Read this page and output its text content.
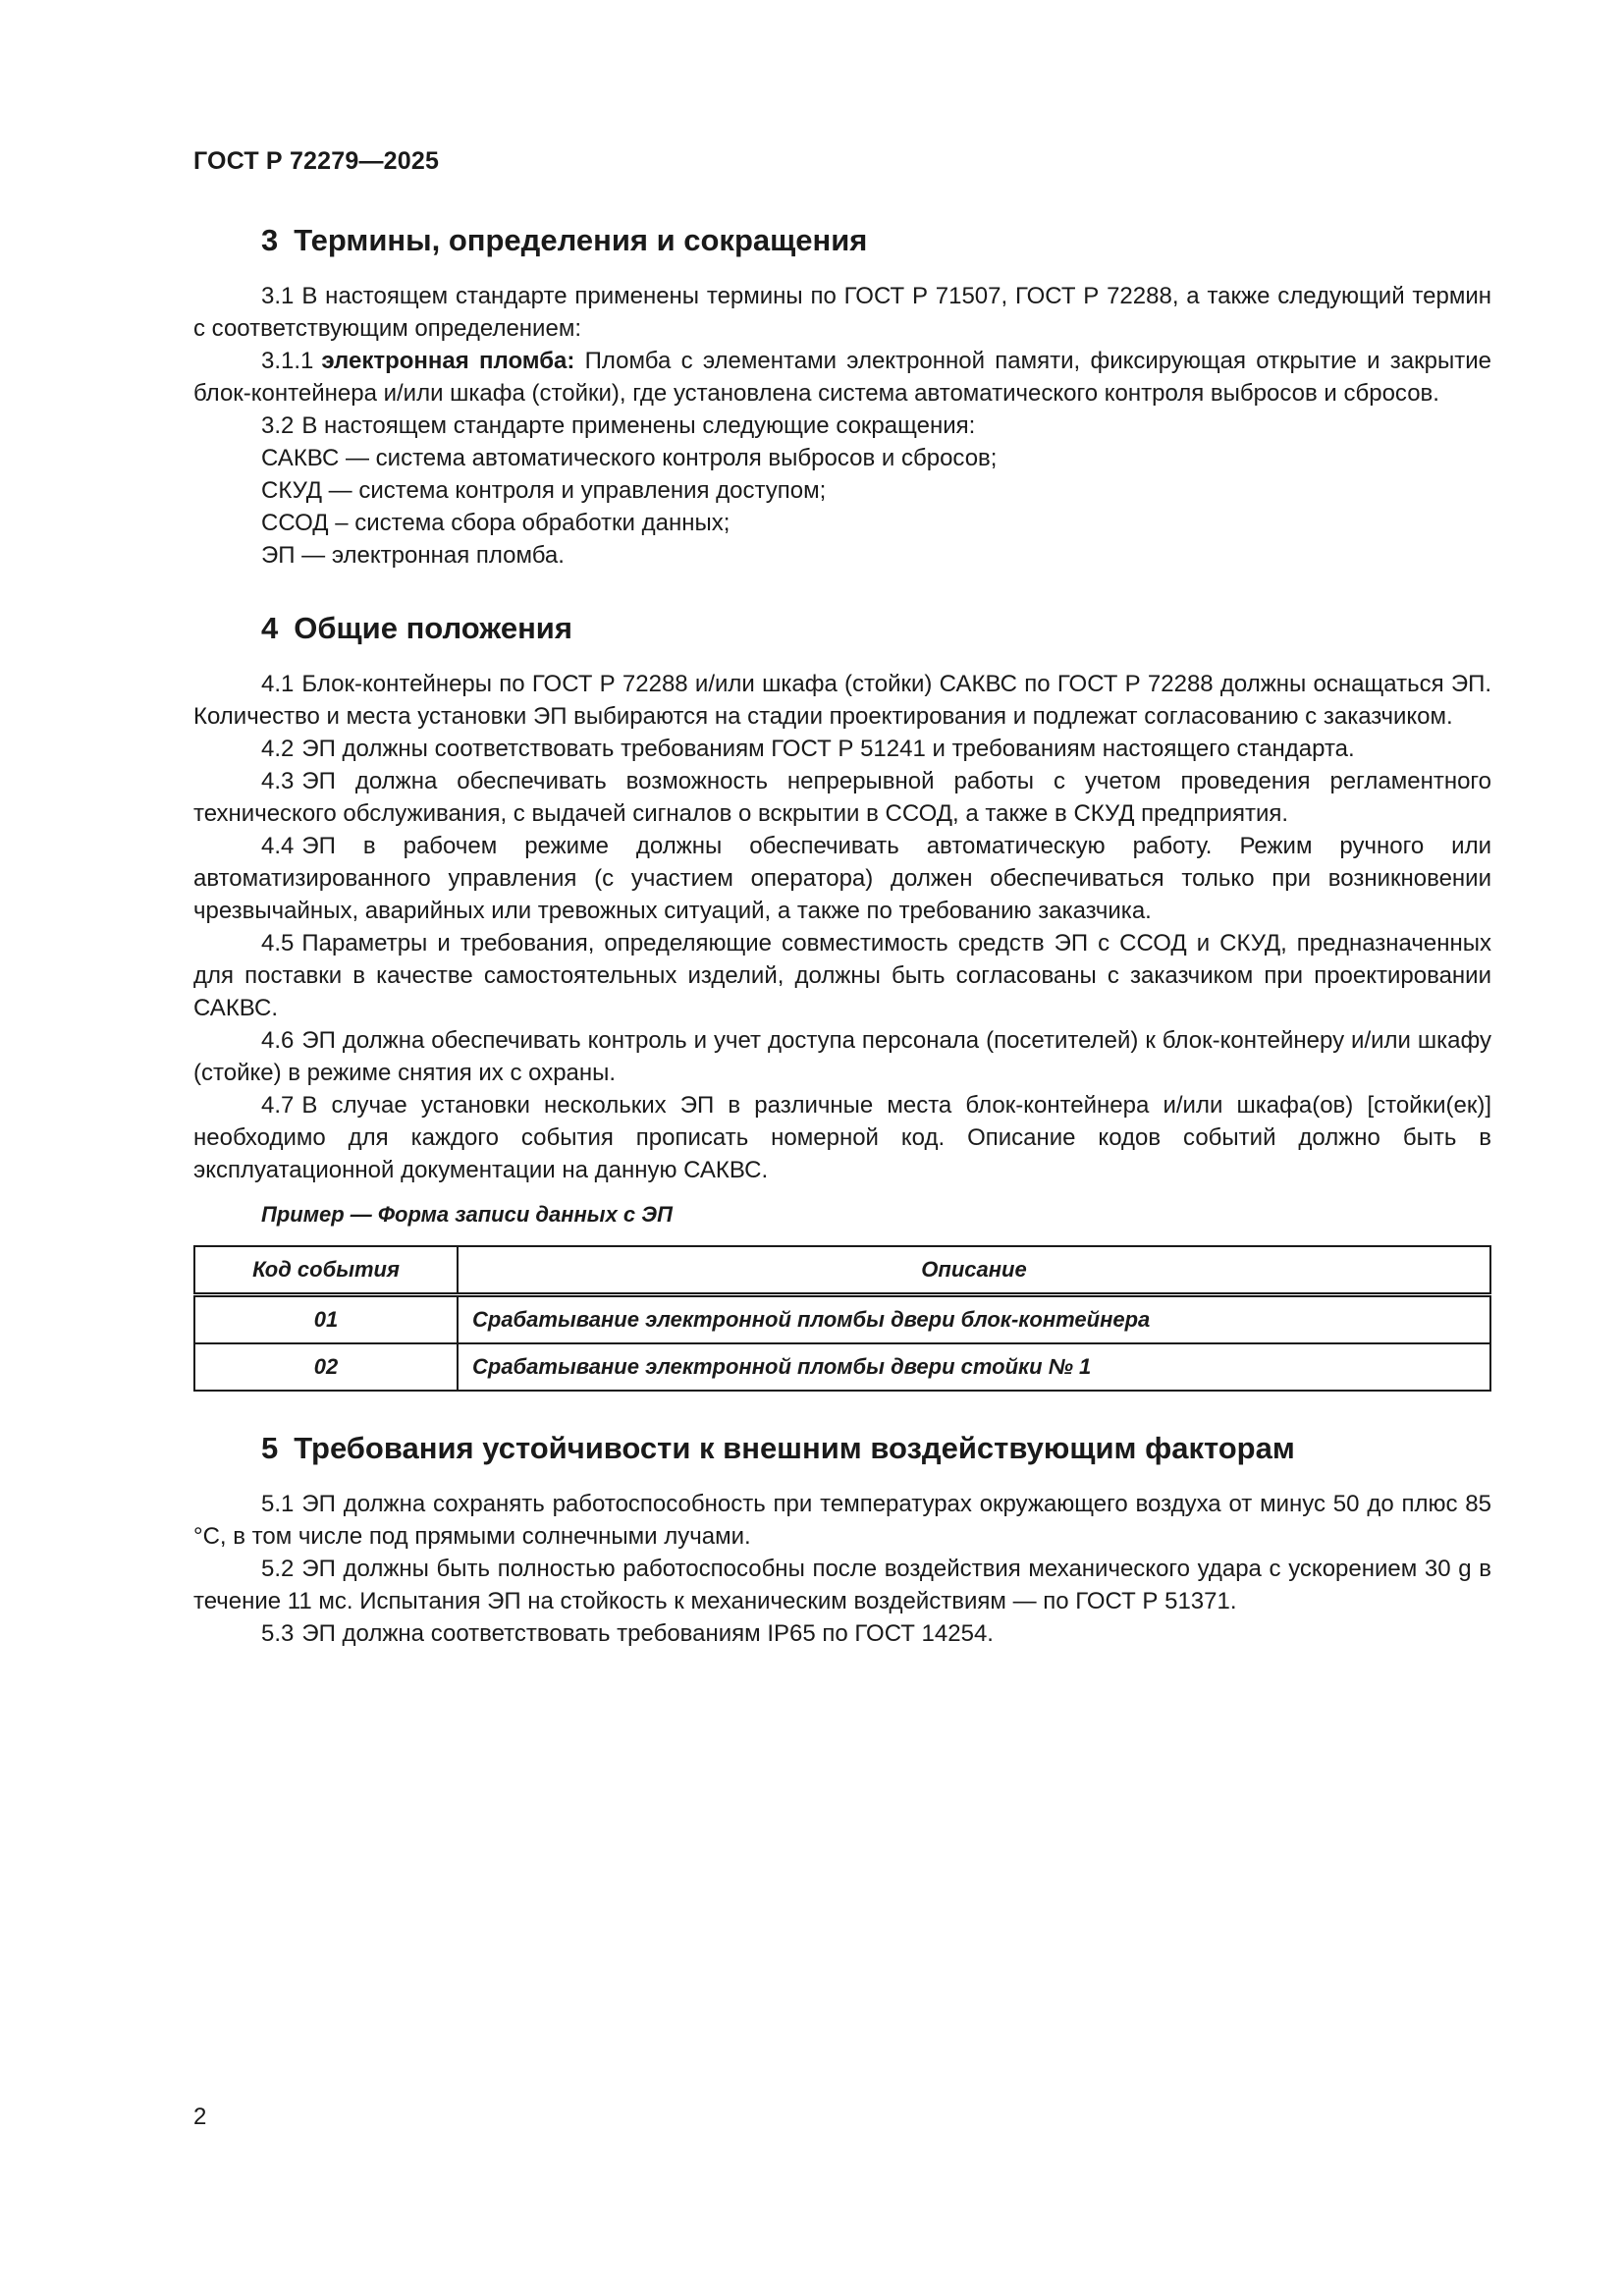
ГОСТ Р 72279—2025
3 Термины, определения и сокращения

3.1 В настоящем стандарте применены термины по ГОСТ Р 71507, ГОСТ Р 72288, а также следующий термин с соответствующим определением:

3.1.1 электронная пломба: Пломба с элементами электронной памяти, фиксирующая открытие и закрытие блок-контейнера и/или шкафа (стойки), где установлена система автоматического контроля выбросов и сбросов.

3.2 В настоящем стандарте применены следующие сокращения:

САКВС — система автоматического контроля выбросов и сбросов;

СКУД — система контроля и управления доступом;

ССОД – система сбора обработки данных;

ЭП — электронная пломба.

4 Общие положения

4.1 Блок-контейнеры по ГОСТ Р 72288 и/или шкафа (стойки) САКВС по ГОСТ Р 72288 должны оснащаться ЭП. Количество и места установки ЭП выбираются на стадии проектирования и подлежат согласованию с заказчиком.

4.2 ЭП должны соответствовать требованиям ГОСТ Р 51241 и требованиям настоящего стандарта.

4.3 ЭП должна обеспечивать возможность непрерывной работы с учетом проведения регламентного технического обслуживания, с выдачей сигналов о вскрытии в ССОД, а также в СКУД предприятия.

4.4 ЭП в рабочем режиме должны обеспечивать автоматическую работу. Режим ручного или автоматизированного управления (с участием оператора) должен обеспечиваться только при возникновении чрезвычайных, аварийных или тревожных ситуаций, а также по требованию заказчика.

4.5 Параметры и требования, определяющие совместимость средств ЭП с ССОД и СКУД, предназначенных для поставки в качестве самостоятельных изделий, должны быть согласованы с заказчиком при проектировании САКВС.

4.6 ЭП должна обеспечивать контроль и учет доступа персонала (посетителей) к блок-контейнеру и/или шкафу (стойке) в режиме снятия их с охраны.

4.7 В случае установки нескольких ЭП в различные места блок-контейнера и/или шкафа(ов) [стойки(ек)] необходимо для каждого события прописать номерной код. Описание кодов событий должно быть в эксплуатационной документации на данную САКВС.

Пример — Форма записи данных с ЭП
Код события	Описание
01	Срабатывание электронной пломбы двери блок-контейнера
02	Срабатывание электронной пломбы двери стойки № 1
5 Требования устойчивости к внешним воздействующим факторам

5.1 ЭП должна сохранять работоспособность при температурах окружающего воздуха от минус 50 до плюс 85 °С, в том числе под прямыми солнечными лучами.

5.2 ЭП должны быть полностью работоспособны после воздействия механического удара с ускорением 30 g в течение 11 мс. Испытания ЭП на стойкость к механическим воздействиям — по ГОСТ Р 51371.

5.3 ЭП должна соответствовать требованиям IP65 по ГОСТ 14254.

2
